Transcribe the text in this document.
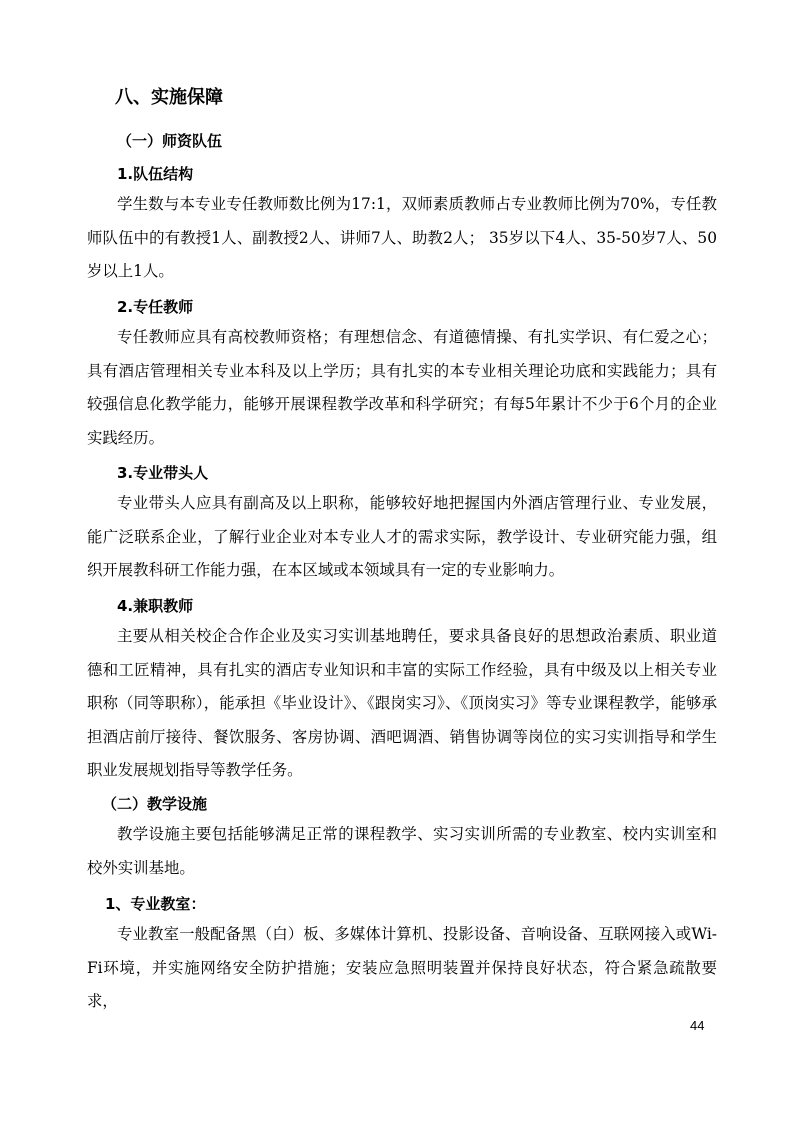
八、实施保障
（一）师资队伍
1.队伍结构

学生数与本专业专任教师数比例为17:1，双师素质教师占专业教师比例为70%，专任教师队伍中的有教授1人、副教授2人、讲师7人、助教2人； 35岁以下4人、35-50岁7人、50岁以上1人。

2.专任教师

专任教师应具有高校教师资格；有理想信念、有道德情操、有扎实学识、有仁爱之心；具有酒店管理相关专业本科及以上学历；具有扎实的本专业相关理论功底和实践能力；具有较强信息化教学能力，能够开展课程教学改革和科学研究；有每5年累计不少于6个月的企业实践经历。

3.专业带头人

专业带头人应具有副高及以上职称，能够较好地把握国内外酒店管理行业、专业发展，能广泛联系企业，了解行业企业对本专业人才的需求实际，教学设计、专业研究能力强，组织开展教科研工作能力强，在本区域或本领域具有一定的专业影响力。

4.兼职教师

主要从相关校企合作企业及实习实训基地聘任，要求具备良好的思想政治素质、职业道德和工匠精神，具有扎实的酒店专业知识和丰富的实际工作经验，具有中级及以上相关专业职称（同等职称），能承担《毕业设计》、《跟岗实习》、《顶岗实习》等专业课程教学，能够承担酒店前厅接待、餐饮服务、客房协调、酒吧调酒、销售协调等岗位的实习实训指导和学生职业发展规划指导等教学任务。

（二）教学设施

教学设施主要包括能够满足正常的课程教学、实习实训所需的专业教室、校内实训室和校外实训基地。

1、专业教室：

专业教室一般配备黑（白）板、多媒体计算机、投影设备、音响设备、互联网接入或Wi-Fi环境，并实施网络安全防护措施；安装应急照明装置并保持良好状态，符合紧急疏散要求，

44
